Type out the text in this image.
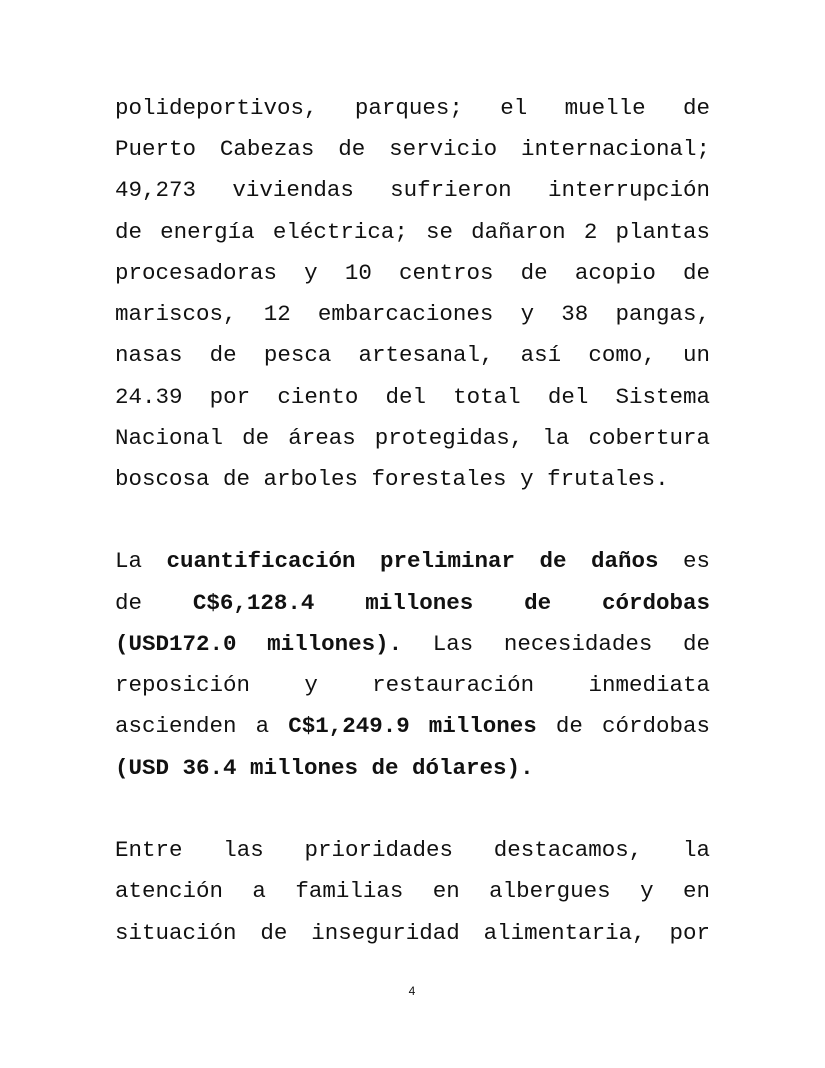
polideportivos, parques; el muelle de
Puerto Cabezas de servicio internacional;
49,273 viviendas sufrieron interrupción
de energía eléctrica; se dañaron 2 plantas
procesadoras y 10 centros de acopio de
mariscos, 12 embarcaciones y 38 pangas,
nasas de pesca artesanal, así como, un
24.39 por ciento del total del Sistema
Nacional de áreas protegidas, la cobertura
boscosa de arboles forestales y frutales.
La cuantificación preliminar de daños es
de C$6,128.4 millones de córdobas
(USD172.0 millones). Las necesidades de
reposición y restauración inmediata
ascienden a C$1,249.9 millones de córdobas
(USD 36.4 millones de dólares).
Entre las prioridades destacamos, la
atención a familias en albergues y en
situación de inseguridad alimentaria, por
4
